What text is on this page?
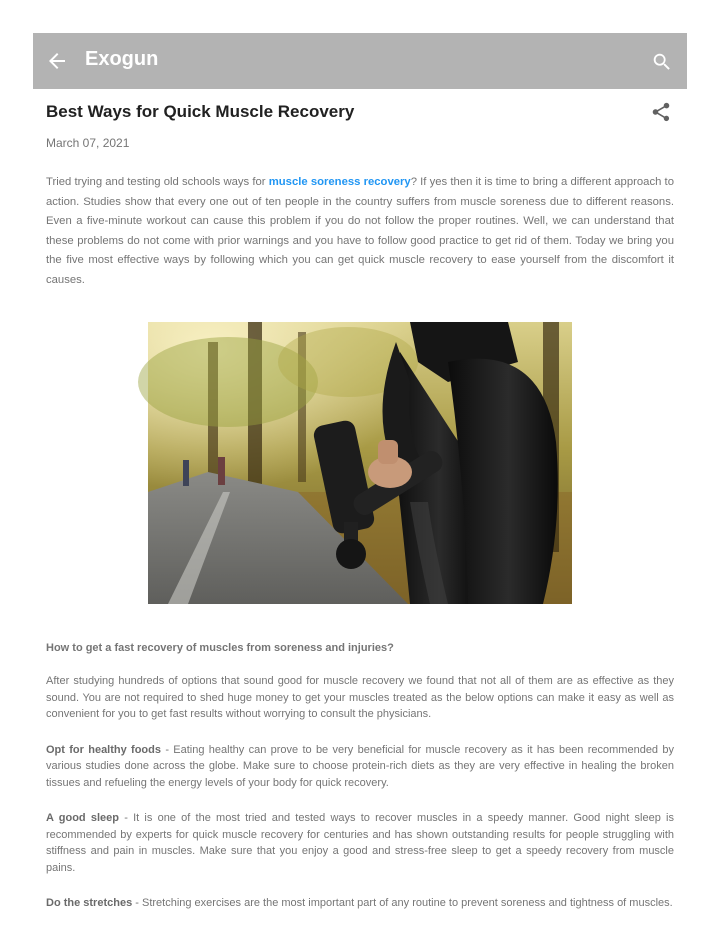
Exogun
Best Ways for Quick Muscle Recovery
March 07, 2021

Tried trying and testing old schools ways for muscle soreness recovery? If yes then it is time to bring a different approach to action. Studies show that every one out of ten people in the country suffers from muscle soreness due to different reasons. Even a five-minute workout can cause this problem if you do not follow the proper routines. Well, we can understand that these problems do not come with prior warnings and you have to follow good practice to get rid of them. Today we bring you the five most effective ways by following which you can get quick muscle recovery to ease yourself from the discomfort it causes.

How to get a fast recovery of muscles from soreness and injuries?

After studying hundreds of options that sound good for muscle recovery we found that not all of them are as effective as they sound. You are not required to shed huge money to get your muscles treated as the below options can make it easy as well as convenient for you to get fast results without worrying to consult the physicians.

Opt for healthy foods - Eating healthy can prove to be very beneficial for muscle recovery as it has been recommended by various studies done across the globe. Make sure to choose protein-rich diets as they are very effective in healing the broken tissues and refueling the energy levels of your body for quick recovery.

A good sleep - It is one of the most tried and tested ways to recover muscles in a speedy manner. Good night sleep is recommended by experts for quick muscle recovery for centuries and has shown outstanding results for people struggling with stiffness and pain in muscles. Make sure that you enjoy a good and stress-free sleep to get a speedy recovery from muscle pains.

Do the stretches - Stretching exercises are the most important part of any routine to prevent soreness and tightness of muscles.
